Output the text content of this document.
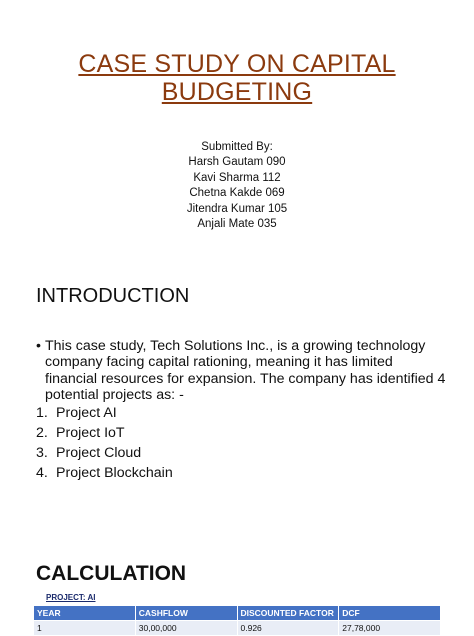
CASE STUDY ON CAPITAL
BUDGETING
Submitted By:
Harsh Gautam 090
Kavi Sharma 112
Chetna Kakde 069
Jitendra Kumar 105
Anjali Mate 035
INTRODUCTION
• This case study, Tech Solutions Inc., is a growing technology company facing capital rationing, meaning it has limited financial resources for expansion. The company has identified 4 potential projects as: -
1. Project AI
2. Project IoT
3. Project Cloud
4. Project Blockchain
CALCULATION
PROJECT: AI
YEAR	CASHFLOW	DISCOUNTED FACTOR	DCF
1	30,00,000	0.926	27,78,000
